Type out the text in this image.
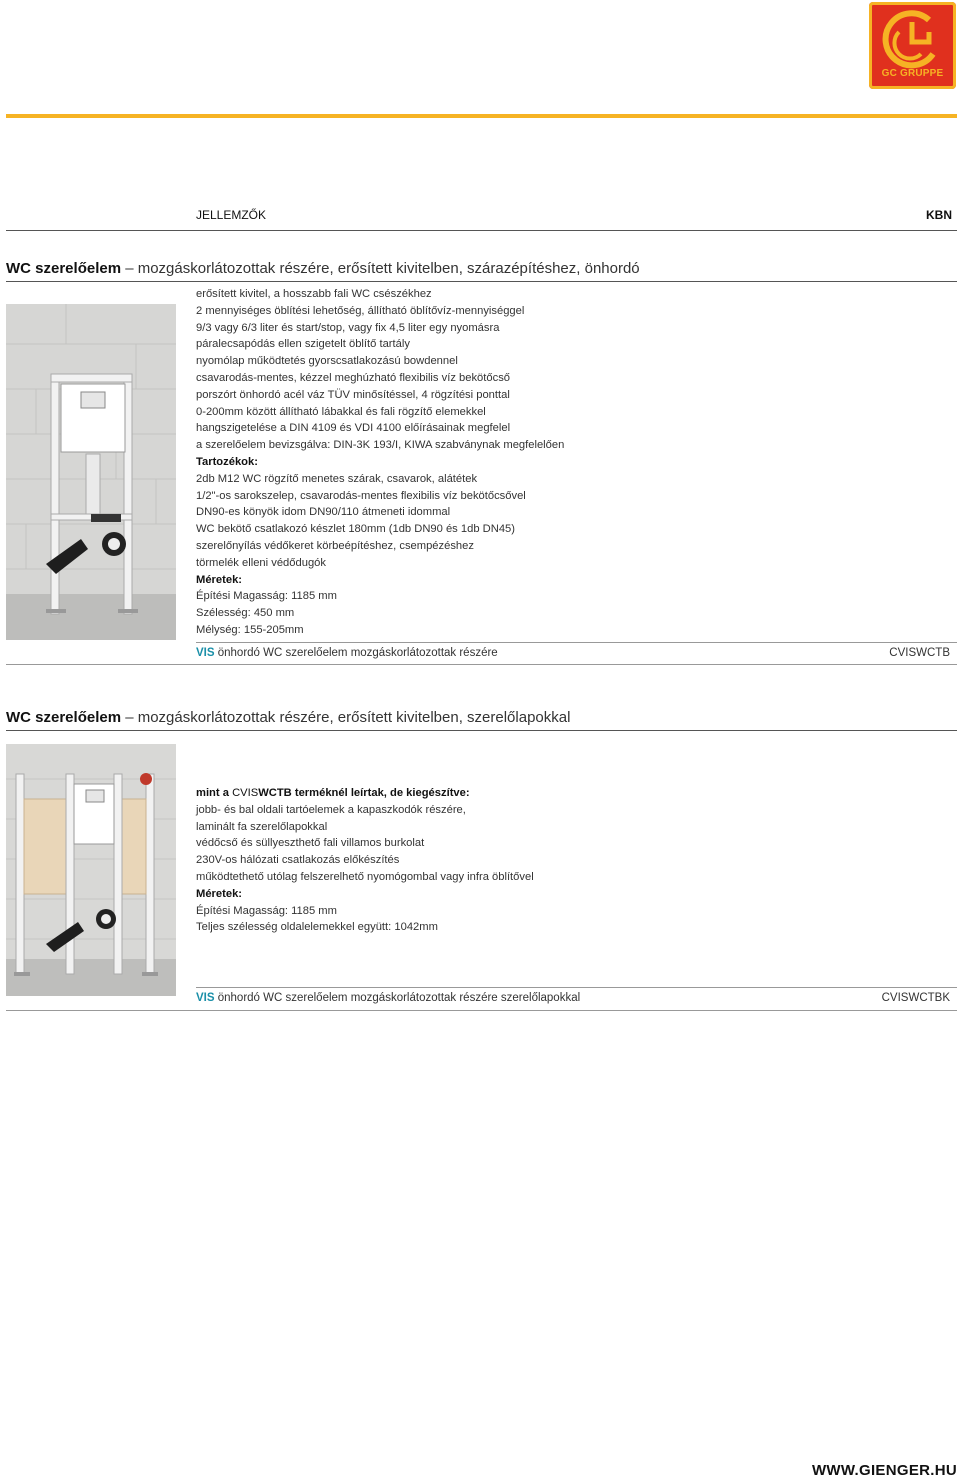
GC GRUPPE
JELLEMZŐK	KBN
WC szerelőelem – mozgáskorlátozottak részére, erősített kivitelben, szárazépítéshez, önhordó
erősített kivitel, a hosszabb fali WC csészékhez
2 mennyiséges öblítési lehetőség, állítható öblítővíz-mennyiséggel
9/3 vagy 6/3 liter és start/stop, vagy fix 4,5 liter egy nyomásra
páralecsapódás ellen szigetelt öblítő tartály
nyomólap működtetés gyorscsatlakozású bowdennel
csavarodás-mentes, kézzel meghúzható flexibilis víz bekötőcső
porszórt önhordó acél váz TÜV minősítéssel, 4 rögzítési ponttal
0-200mm között állítható lábakkal és fali rögzítő elemekkel
hangszigetelése a DIN 4109 és VDI 4100 előírásainak megfelel
a szerelőelem bevizsgálva: DIN-3K 193/I, KIWA szabványnak megfelelően
Tartozékok:
2db M12 WC rögzítő menetes szárak, csavarok, alátétek
1/2"-os sarokszelep, csavarodás-mentes flexibilis víz bekötőcsővel
DN90-es könyök idom DN90/110 átmeneti idommal
WC bekötő csatlakozó készlet 180mm (1db DN90 és 1db DN45)
szerelőnyílás védőkeret körbeépítéshez, csempézéshez
törmelék elleni védődugók
Méretek:
Építési Magasság: 1185 mm
Szélesség: 450 mm
Mélység: 155-205mm
VIS önhordó WC szerelőelem mozgáskorlátozottak részére	CVISWCTB
WC szerelőelem – mozgáskorlátozottak részére, erősített kivitelben, szerelőlapokkal
mint a CVISWCTB terméknél leírtak, de kiegészítve:
jobb- és bal oldali tartóelemek a kapaszkodók részére,
laminált fa szerelőlapokkal
védőcső és süllyeszthető fali villamos burkolat
230V-os hálózati csatlakozás előkészítés
működtethető utólag felszerelhető nyomógombal vagy infra öblítővel
Méretek:
Építési Magasság: 1185 mm
Teljes szélesség oldalelemekkel együtt: 1042mm
VIS önhordó WC szerelőelem mozgáskorlátozottak részére szerelőlapokkal	CVISWCTBK
WWW.GIENGER.HU
